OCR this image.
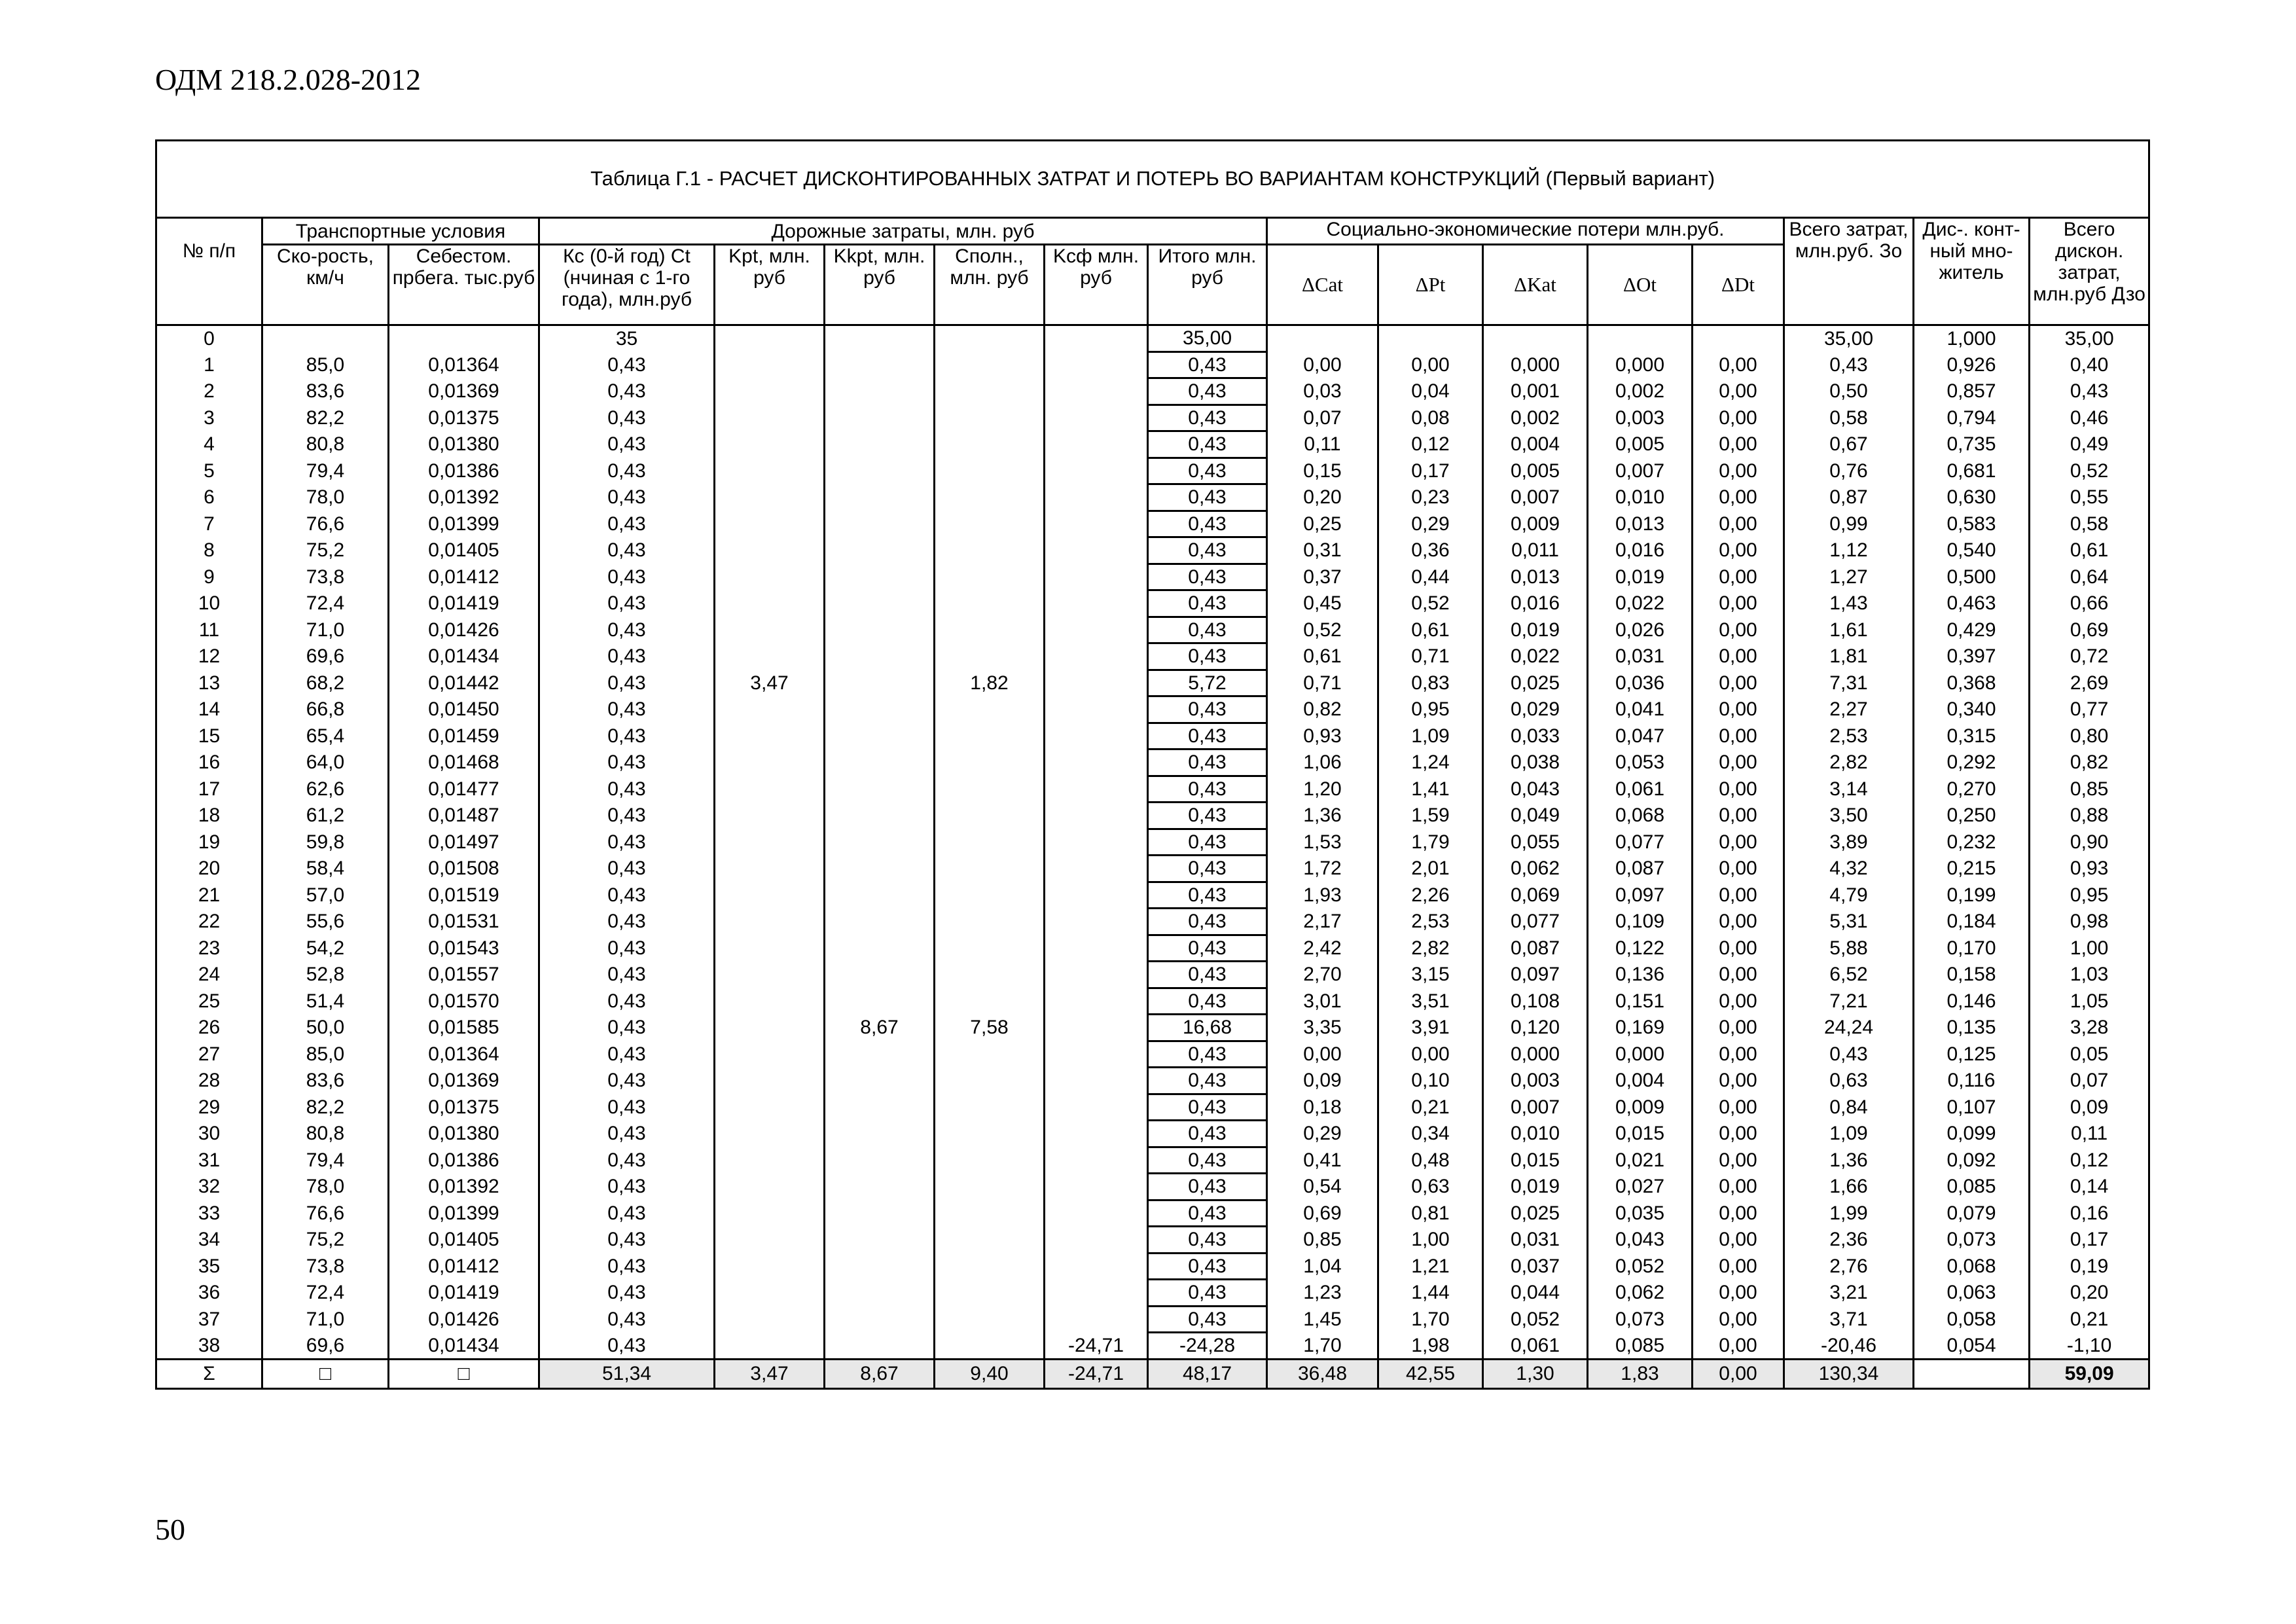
ОДМ 218.2.028-2012
Таблица Г.1 - РАСЧЕТ ДИСКОНТИРОВАННЫХ ЗАТРАТ И ПОТЕРЬ ВО ВАРИАНТАМ КОНСТРУКЦИЙ (Первый вариант)																

№ п/п	Транспортные условия		Дорожные затраты, млн. руб						Социально-экономические потери млн.руб.					Всего затрат, млн.руб. Зо	Дис-. конт-ный мно-житель	Всего дискон. затрат, млн.руб Дзо
	Ско-рость, км/ч	Себестом. прбега. тыс.руб	Кс (0-й год) Ct (нчиная с 1-го года), млн.руб	Kpt, млн. руб	Kkpt, млн. руб	Cполн., млн. руб	Kсф млн. руб	Итого млн. руб								
									ΔCat	ΔPt	ΔKat	ΔOt	ΔDt			
0			35					35,00						35,00	1,000	35,00
1	85,0	0,01364	0,43					0,43	0,00	0,00	0,000	0,000	0,00	0,43	0,926	0,40
2	83,6	0,01369	0,43					0,43	0,03	0,04	0,001	0,002	0,00	0,50	0,857	0,43
3	82,2	0,01375	0,43					0,43	0,07	0,08	0,002	0,003	0,00	0,58	0,794	0,46
4	80,8	0,01380	0,43					0,43	0,11	0,12	0,004	0,005	0,00	0,67	0,735	0,49
5	79,4	0,01386	0,43					0,43	0,15	0,17	0,005	0,007	0,00	0,76	0,681	0,52
6	78,0	0,01392	0,43					0,43	0,20	0,23	0,007	0,010	0,00	0,87	0,630	0,55
7	76,6	0,01399	0,43					0,43	0,25	0,29	0,009	0,013	0,00	0,99	0,583	0,58
8	75,2	0,01405	0,43					0,43	0,31	0,36	0,011	0,016	0,00	1,12	0,540	0,61
9	73,8	0,01412	0,43					0,43	0,37	0,44	0,013	0,019	0,00	1,27	0,500	0,64
10	72,4	0,01419	0,43					0,43	0,45	0,52	0,016	0,022	0,00	1,43	0,463	0,66
11	71,0	0,01426	0,43					0,43	0,52	0,61	0,019	0,026	0,00	1,61	0,429	0,69
12	69,6	0,01434	0,43					0,43	0,61	0,71	0,022	0,031	0,00	1,81	0,397	0,72
13	68,2	0,01442	0,43	3,47		1,82		5,72	0,71	0,83	0,025	0,036	0,00	7,31	0,368	2,69
14	66,8	0,01450	0,43					0,43	0,82	0,95	0,029	0,041	0,00	2,27	0,340	0,77
15	65,4	0,01459	0,43					0,43	0,93	1,09	0,033	0,047	0,00	2,53	0,315	0,80
16	64,0	0,01468	0,43					0,43	1,06	1,24	0,038	0,053	0,00	2,82	0,292	0,82
17	62,6	0,01477	0,43					0,43	1,20	1,41	0,043	0,061	0,00	3,14	0,270	0,85
18	61,2	0,01487	0,43					0,43	1,36	1,59	0,049	0,068	0,00	3,50	0,250	0,88
19	59,8	0,01497	0,43					0,43	1,53	1,79	0,055	0,077	0,00	3,89	0,232	0,90
20	58,4	0,01508	0,43					0,43	1,72	2,01	0,062	0,087	0,00	4,32	0,215	0,93
21	57,0	0,01519	0,43					0,43	1,93	2,26	0,069	0,097	0,00	4,79	0,199	0,95
22	55,6	0,01531	0,43					0,43	2,17	2,53	0,077	0,109	0,00	5,31	0,184	0,98
23	54,2	0,01543	0,43					0,43	2,42	2,82	0,087	0,122	0,00	5,88	0,170	1,00
24	52,8	0,01557	0,43					0,43	2,70	3,15	0,097	0,136	0,00	6,52	0,158	1,03
25	51,4	0,01570	0,43					0,43	3,01	3,51	0,108	0,151	0,00	7,21	0,146	1,05
26	50,0	0,01585	0,43		8,67	7,58		16,68	3,35	3,91	0,120	0,169	0,00	24,24	0,135	3,28
27	85,0	0,01364	0,43					0,43	0,00	0,00	0,000	0,000	0,00	0,43	0,125	0,05
28	83,6	0,01369	0,43					0,43	0,09	0,10	0,003	0,004	0,00	0,63	0,116	0,07
29	82,2	0,01375	0,43					0,43	0,18	0,21	0,007	0,009	0,00	0,84	0,107	0,09
30	80,8	0,01380	0,43					0,43	0,29	0,34	0,010	0,015	0,00	1,09	0,099	0,11
31	79,4	0,01386	0,43					0,43	0,41	0,48	0,015	0,021	0,00	1,36	0,092	0,12
32	78,0	0,01392	0,43					0,43	0,54	0,63	0,019	0,027	0,00	1,66	0,085	0,14
33	76,6	0,01399	0,43					0,43	0,69	0,81	0,025	0,035	0,00	1,99	0,079	0,16
34	75,2	0,01405	0,43					0,43	0,85	1,00	0,031	0,043	0,00	2,36	0,073	0,17
35	73,8	0,01412	0,43					0,43	1,04	1,21	0,037	0,052	0,00	2,76	0,068	0,19
36	72,4	0,01419	0,43					0,43	1,23	1,44	0,044	0,062	0,00	3,21	0,063	0,20
37	71,0	0,01426	0,43					0,43	1,45	1,70	0,052	0,073	0,00	3,71	0,058	0,21
38	69,6	0,01434	0,43				-24,71	-24,28	1,70	1,98	0,061	0,085	0,00	-20,46	0,054	-1,10
Σ	□	□	51,34	3,47	8,67	9,40	-24,71	48,17	36,48	42,55	1,30	1,83	0,00	130,34		59,09
50
